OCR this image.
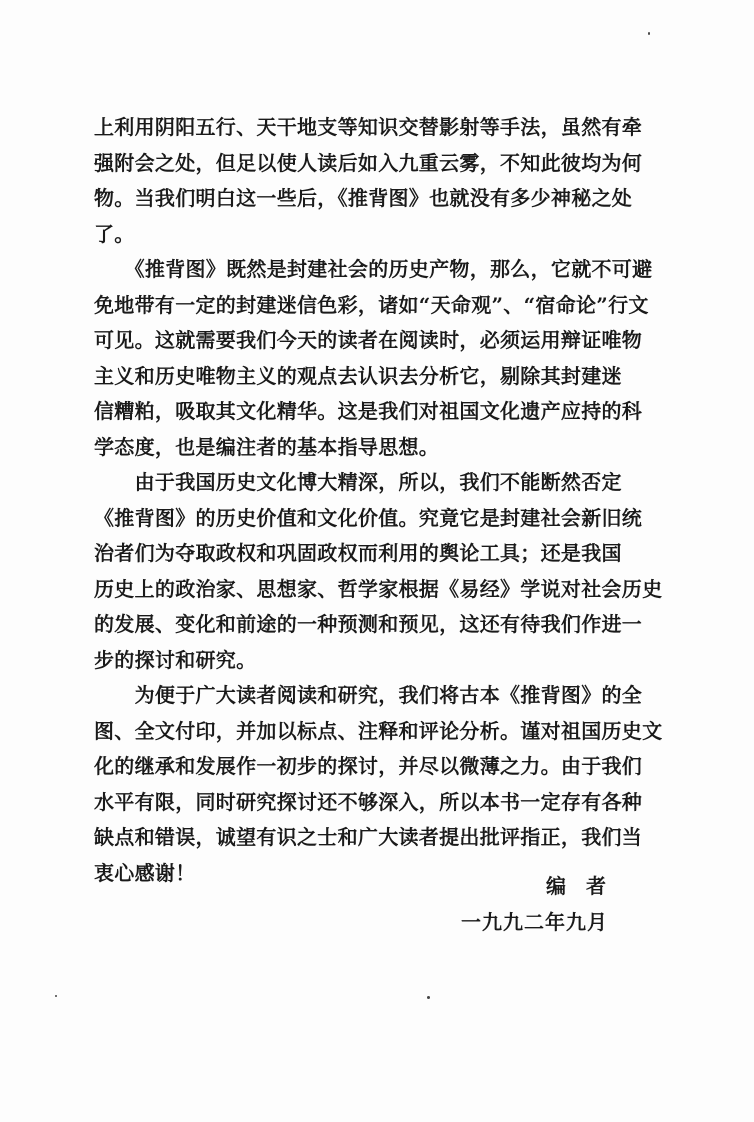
上利用阴阳五行、天干地支等知识交替影射等手法，虽然有牵
强附会之处，但足以使人读后如入九重云雾，不知此彼均为何
物。当我们明白这一些后，《推背图》也就没有多少神秘之处
了。
　　《推背图》既然是封建社会的历史产物，那么，它就不可避
免地带有一定的封建迷信色彩，诸如“天命观”、“宿命论”行文
可见。这就需要我们今天的读者在阅读时，必须运用辩证唯物
主义和历史唯物主义的观点去认识去分析它，剔除其封建迷
信糟粕，吸取其文化精华。这是我们对祖国文化遗产应持的科
学态度，也是编注者的基本指导思想。
　　由于我国历史文化博大精深，所以，我们不能断然否定
《推背图》的历史价值和文化价值。究竟它是封建社会新旧统
治者们为夺取政权和巩固政权而利用的舆论工具；还是我国
历史上的政治家、思想家、哲学家根据《易经》学说对社会历史
的发展、变化和前途的一种预测和预见，这还有待我们作进一
步的探讨和研究。
　　为便于广大读者阅读和研究，我们将古本《推背图》的全
图、全文付印，并加以标点、注释和评论分析。谨对祖国历史文
化的继承和发展作一初步的探讨，并尽以微薄之力。由于我们
水平有限，同时研究探讨还不够深入，所以本书一定存有各种
缺点和错误，诚望有识之士和广大读者提出批评指正，我们当
衷心感谢！
编者
一九九二年九月
